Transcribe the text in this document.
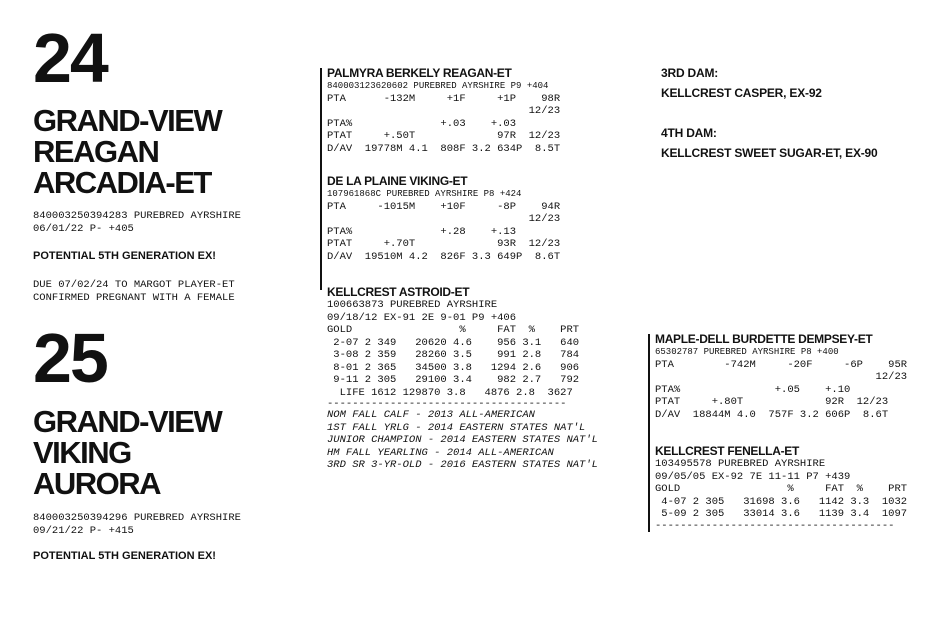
24
GRAND-VIEW
REAGAN
ARCADIA-ET
840003250394283 PUREBRED AYRSHIRE
06/01/22 P- +405
POTENTIAL 5TH GENERATION EX!
DUE 07/02/24 TO MARGOT PLAYER-ET
CONFIRMED PREGNANT WITH A FEMALE
25
GRAND-VIEW
VIKING
AURORA
840003250394296 PUREBRED AYRSHIRE
09/21/22 P- +415
POTENTIAL 5TH GENERATION EX!
PALMYRA BERKELY REAGAN-ET
840003123620602 PUREBRED AYRSHIRE P9 +404
PTA      -132M     +1F     +1P    98R
12/23
PTA%              +.03    +.03
PTAT     +.50T             97R  12/23
D/AV  19778M 4.1  808F 3.2 634P  8.5T
DE LA PLAINE VIKING-ET
107961868C PUREBRED AYRSHIRE P8 +424
PTA     -1015M    +10F     -8P    94R
12/23
PTA%              +.28    +.13
PTAT     +.70T             93R  12/23
D/AV  19510M 4.2  826F 3.3 649P  8.6T
KELLCREST ASTROID-ET
100663873 PUREBRED AYRSHIRE
09/18/12 EX-91 2E 9-01 P9 +406
GOLD                 %     FAT  %    PRT
2-07 2 349   20620 4.6    956 3.1   640
3-08 2 359   28260 3.5    991 2.8   784
8-01 2 365   34500 3.8   1294 2.6   906
9-11 2 305   29100 3.4    982 2.7   792
LIFE 1612 129870 3.8   4876 2.8  3627
--------------------------------------
NOM FALL CALF - 2013 ALL-AMERICAN
1ST FALL YRLG - 2014 EASTERN STATES NAT'L
JUNIOR CHAMPION - 2014 EASTERN STATES NAT'L
HM FALL YEARLING - 2014 ALL-AMERICAN
3RD SR 3-YR-OLD - 2016 EASTERN STATES NAT'L
3RD DAM:
KELLCREST CASPER, EX-92
4TH DAM:
KELLCREST SWEET SUGAR-ET, EX-90
MAPLE-DELL BURDETTE DEMPSEY-ET
65302787 PUREBRED AYRSHIRE P8 +400
PTA        -742M     -20F     -6P    95R
12/23
PTA%               +.05    +.10
PTAT     +.80T             92R  12/23
D/AV  18844M 4.0  757F 3.2 606P  8.6T
KELLCREST FENELLA-ET
103495578 PUREBRED AYRSHIRE
09/05/05 EX-92 7E 11-11 P7 +439
GOLD                 %     FAT  %    PRT
4-07 2 305   31698 3.6   1142 3.3  1032
5-09 2 305   33014 3.6   1139 3.4  1097
--------------------------------------
